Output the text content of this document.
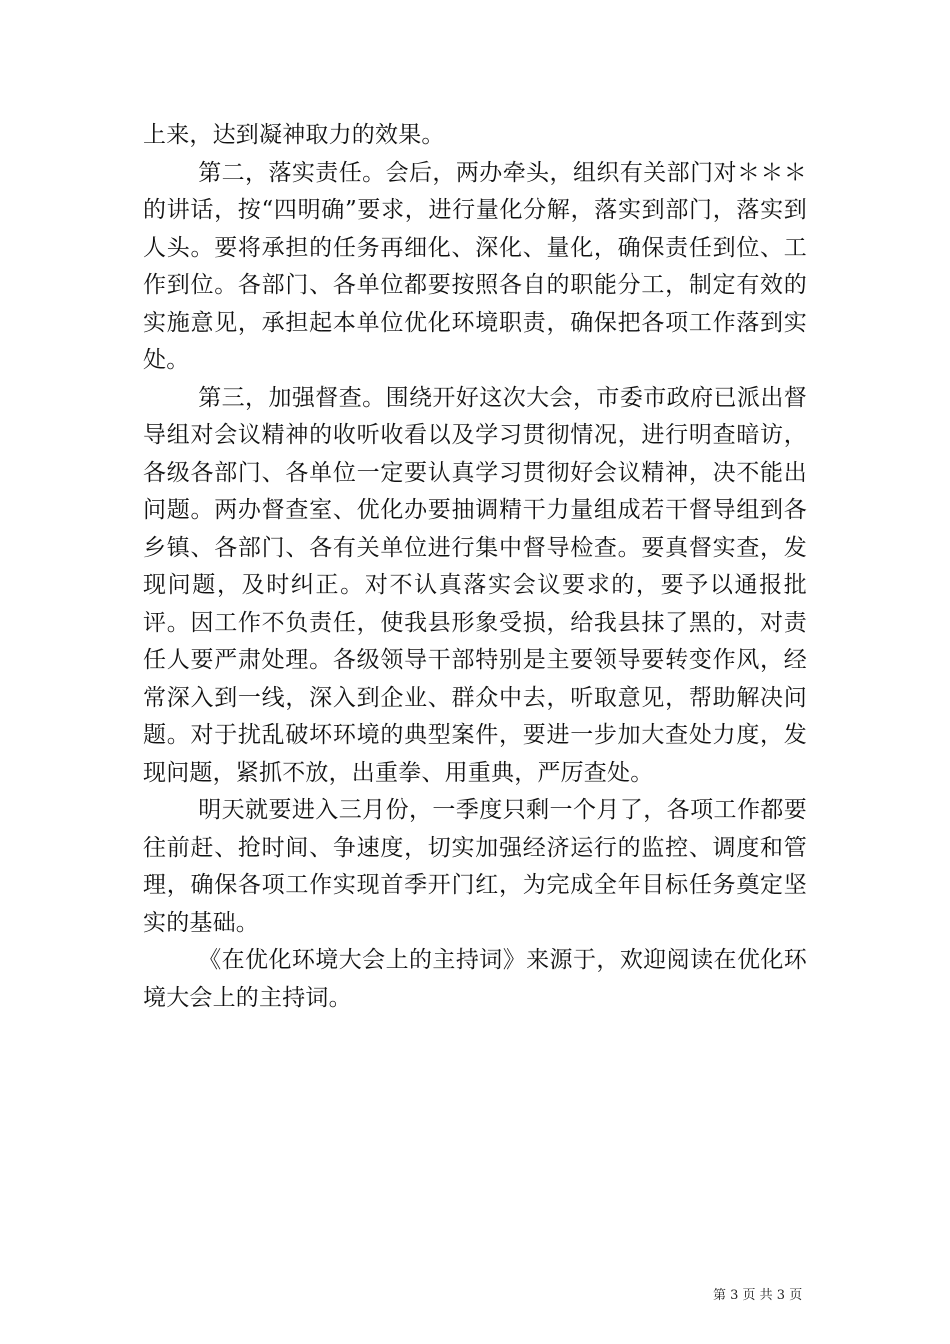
上来，达到凝神取力的效果。

第二，落实责任。会后，两办牵头，组织有关部门对＊＊＊的讲话，按“四明确”要求，进行量化分解，落实到部门，落实到人头。要将承担的任务再细化、深化、量化，确保责任到位、工作到位。各部门、各单位都要按照各自的职能分工，制定有效的实施意见，承担起本单位优化环境职责，确保把各项工作落到实处。

第三，加强督查。围绕开好这次大会，市委市政府已派出督导组对会议精神的收听收看以及学习贯彻情况，进行明查暗访，各级各部门、各单位一定要认真学习贯彻好会议精神，决不能出问题。两办督查室、优化办要抽调精干力量组成若干督导组到各乡镇、各部门、各有关单位进行集中督导检查。要真督实查，发现问题，及时纠正。对不认真落实会议要求的，要予以通报批评。因工作不负责任，使我县形象受损，给我县抹了黑的，对责任人要严肃处理。各级领导干部特别是主要领导要转变作风，经常深入到一线，深入到企业、群众中去，听取意见，帮助解决问题。对于扰乱破坏环境的典型案件，要进一步加大查处力度，发现问题，紧抓不放，出重拳、用重典，严厉查处。

明天就要进入三月份，一季度只剩一个月了，各项工作都要往前赶、抢时间、争速度，切实加强经济运行的监控、调度和管理，确保各项工作实现首季开门红，为完成全年目标任务奠定坚实的基础。

《在优化环境大会上的主持词》来源于，欢迎阅读在优化环境大会上的主持词。

第 3 页 共 3 页
